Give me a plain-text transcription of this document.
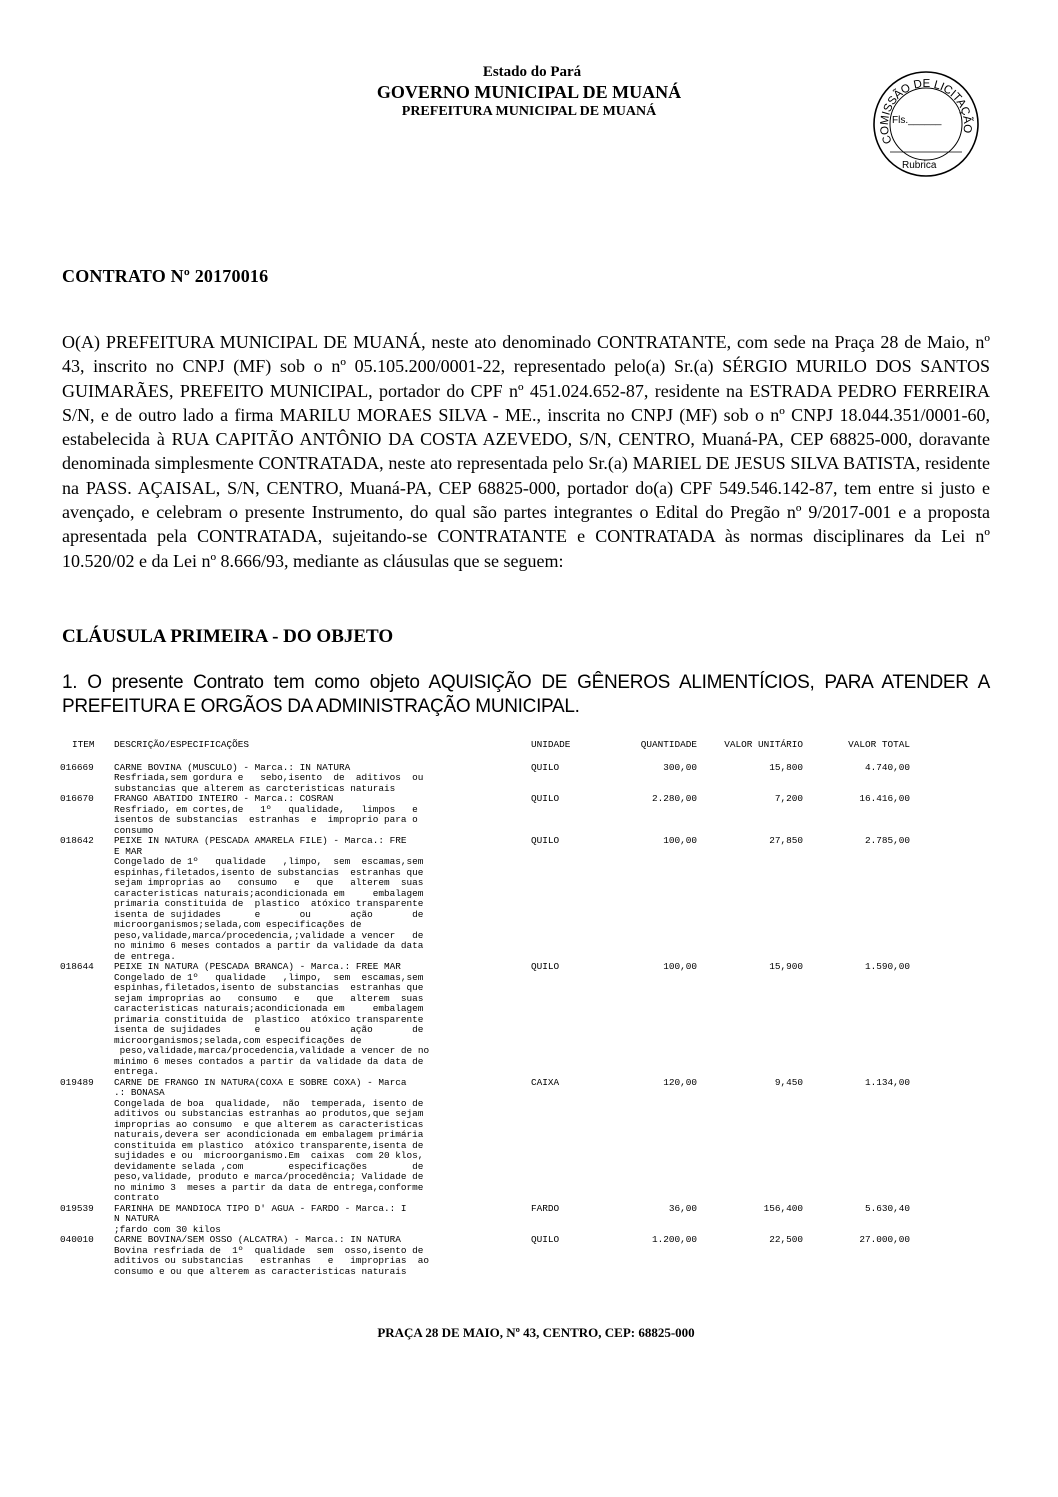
Estado do Pará
GOVERNO MUNICIPAL DE MUANÁ
PREFEITURA MUNICIPAL DE MUANÁ
COMISSÃO DE LICITAÇÃO
Fls.______
Rubrica
CONTRATO Nº 20170016

O(A) PREFEITURA MUNICIPAL DE MUANÁ, neste ato denominado CONTRATANTE, com sede na Praça 28 de Maio, nº 43, inscrito no CNPJ (MF) sob o nº 05.105.200/0001-22, representado pelo(a) Sr.(a) SÉRGIO MURILO DOS SANTOS GUIMARÃES, PREFEITO MUNICIPAL, portador do CPF nº 451.024.652-87, residente na ESTRADA PEDRO FERREIRA S/N, e de outro lado a firma MARILU MORAES SILVA - ME., inscrita no CNPJ (MF) sob o nº CNPJ 18.044.351/0001-60, estabelecida à RUA CAPITÃO ANTÔNIO DA COSTA AZEVEDO, S/N, CENTRO, Muaná-PA, CEP 68825-000, doravante denominada simplesmente CONTRATADA, neste ato representada pelo Sr.(a) MARIEL DE JESUS SILVA BATISTA, residente na PASS. AÇAISAL, S/N, CENTRO, Muaná-PA, CEP 68825-000, portador do(a) CPF 549.546.142-87, tem entre si justo e avençado, e celebram o presente Instrumento, do qual são partes integrantes o Edital do Pregão nº 9/2017-001 e a proposta apresentada pela CONTRATADA, sujeitando-se CONTRATANTE e CONTRATADA às normas disciplinares da Lei nº 10.520/02 e da Lei nº 8.666/93, mediante as cláusulas que se seguem:

CLÁUSULA PRIMEIRA - DO OBJETO

1. O presente Contrato tem como objeto AQUISIÇÃO DE GÊNEROS ALIMENTÍCIOS, PARA ATENDER A PREFEITURA E ORGÃOS DA ADMINISTRAÇÃO MUNICIPAL.

ITEM	DESCRIÇÃO/ESPECIFICAÇÕES	UNIDADE	QUANTIDADE	VALOR UNITÁRIO	VALOR TOTAL
016669	CARNE BOVINA (MUSCULO) - Marca.: IN NATURA
Resfriada,sem gordura e   sebo,isento  de  aditivos  ou
substancias que alterem as carcteristicas naturais
QUILO	300,00	15,800	4.740,00
016670	FRANGO ABATIDO INTEIRO - Marca.: COSRAN
Resfriado, em cortes,de   1º   qualidade,   limpos   e
isentos de substancias  estranhas  e  improprio para o
consumo
QUILO	2.280,00	7,200	16.416,00
018642	PEIXE IN NATURA (PESCADA AMARELA FILE) - Marca.: FRE
E MAR
Congelado de 1º   qualidade   ,limpo,  sem  escamas,sem
espinhas,filetados,isento de substancias  estranhas que
sejam improprias ao   consumo   e   que   alterem  suas
caracteristicas naturais;acondicionada em     embalagem
primaria constituida de  plastico  atóxico transparente
isenta de sujidades      e       ou       ação       de
microorganismos;selada,com especificações de
peso,validade,marca/procedencia,;validade a vencer   de
no minimo 6 meses contados a partir da validade da data
de entrega.
QUILO	100,00	27,850	2.785,00
018644	PEIXE IN NATURA (PESCADA BRANCA) - Marca.: FREE MAR
Congelado de 1º   qualidade   ,limpo,  sem  escamas,sem
espinhas,filetados,isento de substancias  estranhas que
sejam improprias ao   consumo   e   que   alterem  suas
caracteristicas naturais;acondicionada em     embalagem
primaria constituida de  plastico  atóxico transparente
isenta de sujidades      e       ou       ação       de
microorganismos;selada,com especificações de
peso,validade,marca/procedencia,validade a vencer de no
minimo 6 meses contados a partir da validade da data de
entrega.
QUILO	100,00	15,900	1.590,00
019489	CARNE DE FRANGO IN NATURA(COXA E SOBRE COXA) - Marca
.: BONASA
Congelada de boa  qualidade,  não  temperada, isento de
aditivos ou substancias estranhas ao produtos,que sejam
improprias ao consumo  e que alterem as caracteristicas
naturais,devera ser acondicionada em embalagem primária
constituida em plastico  atóxico transparente,isenta de
sujidades e ou  microorganismo.Em  caixas  com 20 klos,
devidamente selada ,com        especificações        de
peso,validade, produto e marca/procedência; Validade de
no minimo 3  meses a partir da data de entrega,conforme
contrato
CAIXA	120,00	9,450	1.134,00
019539	FARINHA DE MANDIOCA TIPO D' AGUA - FARDO - Marca.: I
N NATURA
;fardo com 30 kilos
FARDO	36,00	156,400	5.630,40
040010	CARNE BOVINA/SEM OSSO (ALCATRA) - Marca.: IN NATURA
Bovina resfriada de  1º  qualidade  sem  osso,isento de
aditivos ou substancias   estranhas   e   improprias  ao
consumo e ou que alterem as caracteristicas naturais
QUILO	1.200,00	22,500	27.000,00
PRAÇA 28 DE MAIO, Nº 43, CENTRO, CEP: 68825-000
